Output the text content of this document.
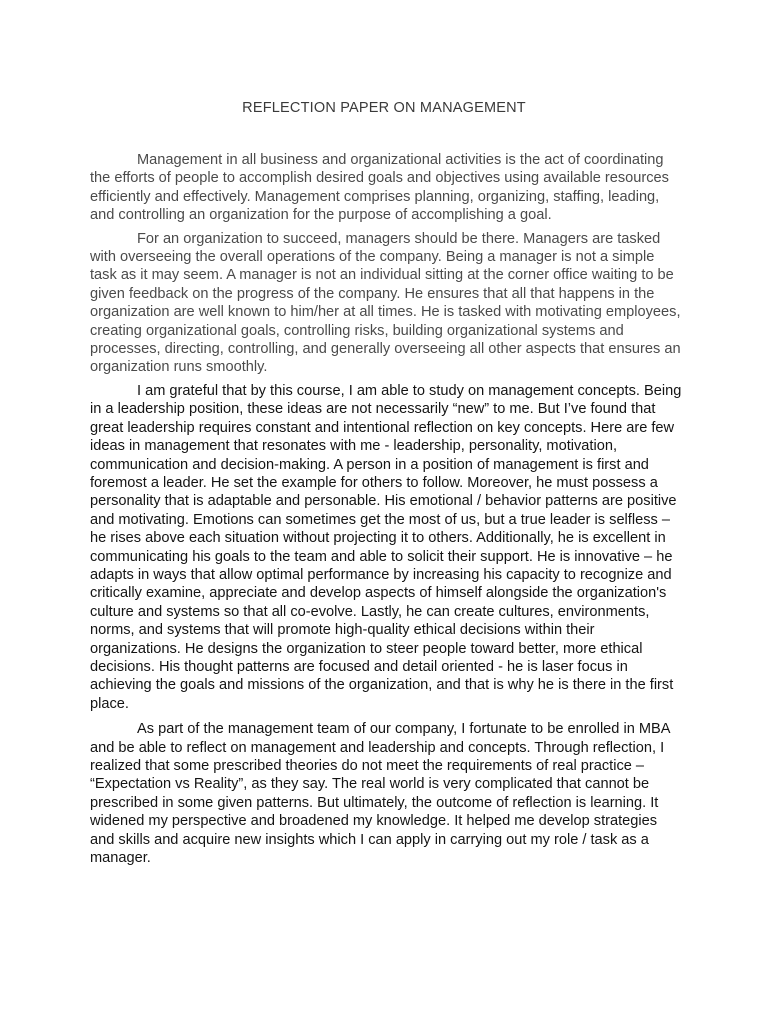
REFLECTION PAPER ON MANAGEMENT

Management in all business and organizational activities is the act of coordinating the efforts of people to accomplish desired goals and objectives using available resources efficiently and effectively. Management comprises planning, organizing, staffing, leading, and controlling an organization for the purpose of accomplishing a goal.

For an organization to succeed, managers should be there. Managers are tasked with overseeing the overall operations of the company. Being a manager is not a simple task as it may seem. A manager is not an individual sitting at the corner office waiting to be given feedback on the progress of the company. He ensures that all that happens in the organization are well known to him/her at all times. He is tasked with motivating employees, creating organizational goals, controlling risks, building organizational systems and processes, directing, controlling, and generally overseeing all other aspects that ensures an organization runs smoothly.

I am grateful that by this course, I am able to study on management concepts. Being in a leadership position, these ideas are not necessarily “new” to me. But I’ve found that great leadership requires constant and intentional reflection on key concepts. Here are few ideas in management that resonates with me - leadership, personality, motivation, communication and decision-making. A person in a position of management is first and foremost a leader. He set the example for others to follow. Moreover, he must possess a personality that is adaptable and personable. His emotional / behavior patterns are positive and motivating. Emotions can sometimes get the most of us, but a true leader is selfless – he rises above each situation without projecting it to others. Additionally, he is excellent in communicating his goals to the team and able to solicit their support. He is innovative – he adapts in ways that allow optimal performance by increasing his capacity to recognize and critically examine, appreciate and develop aspects of himself alongside the organization's culture and systems so that all co-evolve. Lastly, he can create cultures, environments, norms, and systems that will promote high-quality ethical decisions within their organizations. He designs the organization to steer people toward better, more ethical decisions. His thought patterns are focused and detail oriented - he is laser focus in achieving the goals and missions of the organization, and that is why he is there in the first place.

As part of the management team of our company, I fortunate to be enrolled in MBA and be able to reflect on management and leadership and concepts. Through reflection, I realized that some prescribed theories do not meet the requirements of real practice – “Expectation vs Reality”, as they say. The real world is very complicated that cannot be prescribed in some given patterns. But ultimately, the outcome of reflection is learning. It widened my perspective and broadened my knowledge. It helped me develop strategies and skills and acquire new insights which I can apply in carrying out my role / task as a manager.
